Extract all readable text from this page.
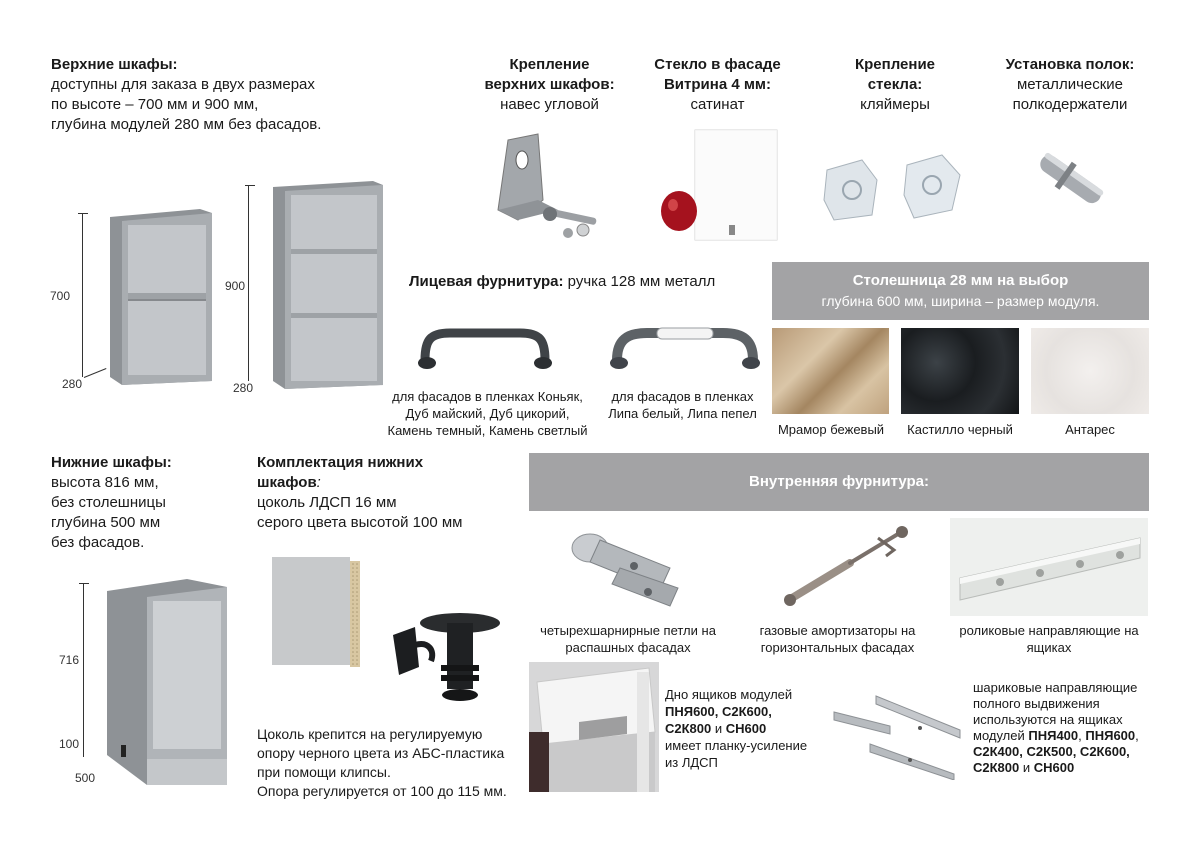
Верхние шкафы:
доступны для заказа в двух размерах
по высоте – 700 мм и 900 мм,
глубина модулей 280 мм без фасадов.
700
280
900
280
Крепление
верхних шкафов:
навес угловой
Стекло в фасаде
Витрина 4 мм:
сатинат
Крепление
стекла:
кляймеры
Установка полок:
металлические
полкодержатели
Лицевая фурнитура: ручка 128 мм металл
для фасадов в пленках Коньяк,
Дуб майский, Дуб цикорий,
Камень темный, Камень светлый
для фасадов в пленках
Липа белый, Липа пепел
Столешница 28 мм на выбор
глубина 600 мм, ширина – размер модуля.
Мрамор бежевый	Кастилло черный	Антарес
Нижние шкафы:
высота 816 мм,
без столешницы
глубина 500 мм
без фасадов.
716
100
500
Комплектация нижних
шкафов:
цоколь ЛДСП 16 мм
серого цвета высотой 100 мм
Цоколь крепится на регулируемую
опору черного цвета из АБС-пластика
при помощи клипсы.
Опора регулируется от 100 до 115 мм.
Внутренняя фурнитура:
четырехшарнирные петли на
распашных фасадах
газовые амортизаторы на
горизонтальных фасадах
роликовые направляющие на
ящиках
Дно ящиков модулей
ПНЯ600, С2К600,
С2К800 и СН600
имеет планку-усиление
из ЛДСП
шариковые направляющие
полного выдвижения
используются на ящиках
модулей ПНЯ400, ПНЯ600,
С2К400, С2К500, С2К600,
С2К800 и СН600
